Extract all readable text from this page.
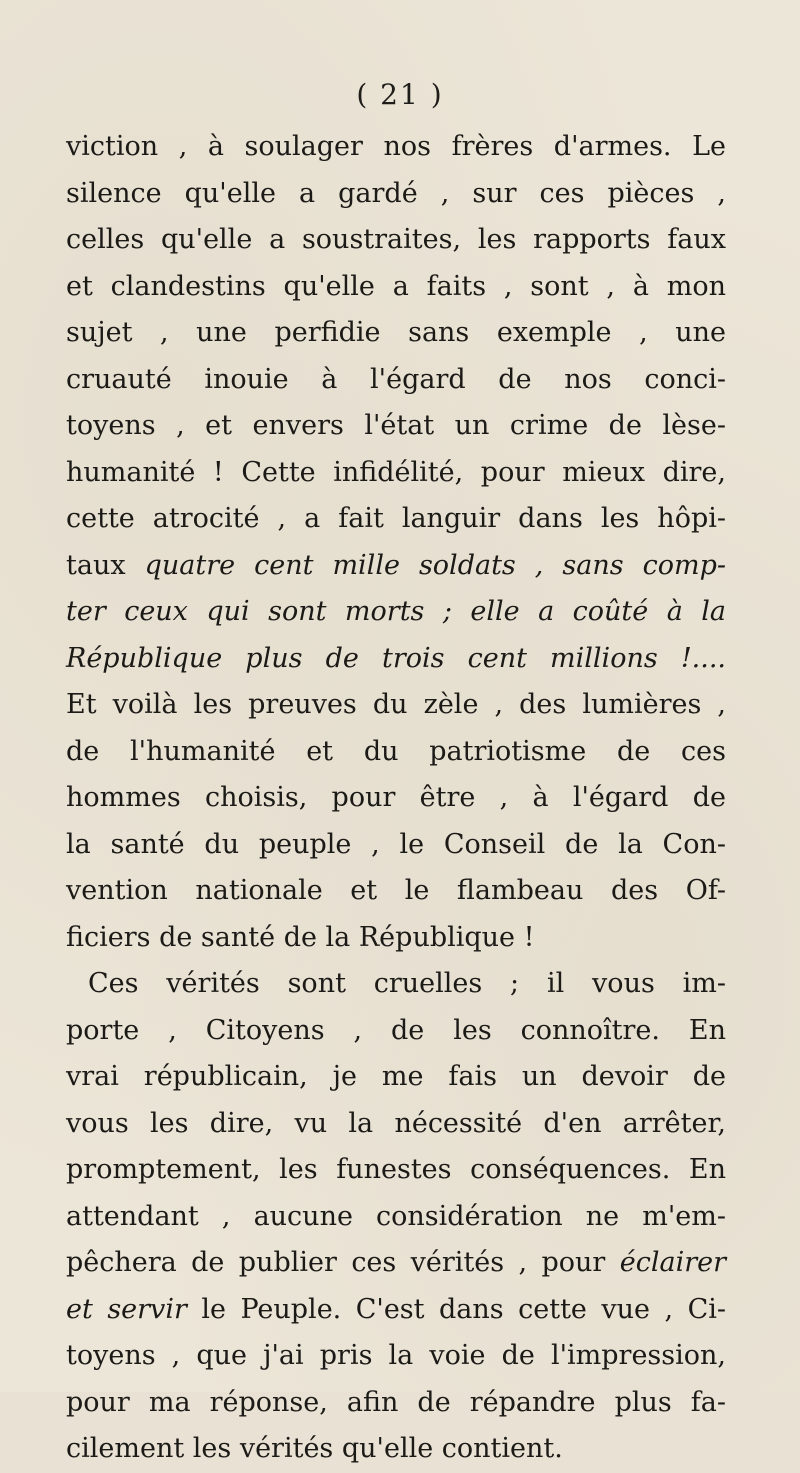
( 21 )
viction , à soulager nos frères d'armes. Le
silence qu'elle a gardé , sur ces pièces ,
celles qu'elle a soustraites, les rapports faux
et clandestins qu'elle a faits , sont , à mon
sujet , une perfidie sans exemple , une
cruauté inouie à l'égard de nos conci-
toyens , et envers l'état un crime de lèse-
humanité ! Cette infidélité, pour mieux dire,
cette atrocité , a fait languir dans les hôpi-
taux quatre cent mille soldats , sans comp-
ter ceux qui sont morts ; elle a coûté à la
République plus de trois cent millions !....
Et voilà les preuves du zèle , des lumières ,
de l'humanité et du patriotisme de ces
hommes choisis, pour être , à l'égard de
la santé du peuple , le Conseil de la Con-
vention nationale et le flambeau des Of-
ficiers de santé de la République !
Ces vérités sont cruelles ; il vous im-
porte , Citoyens , de les connoître. En
vrai républicain, je me fais un devoir de
vous les dire, vu la nécessité d'en arrêter,
promptement, les funestes conséquences. En
attendant , aucune considération ne m'em-
pêchera de publier ces vérités , pour éclairer
et servir le Peuple. C'est dans cette vue , Ci-
toyens , que j'ai pris la voie de l'impression,
pour ma réponse, afin de répandre plus fa-
cilement les vérités qu'elle contient.
